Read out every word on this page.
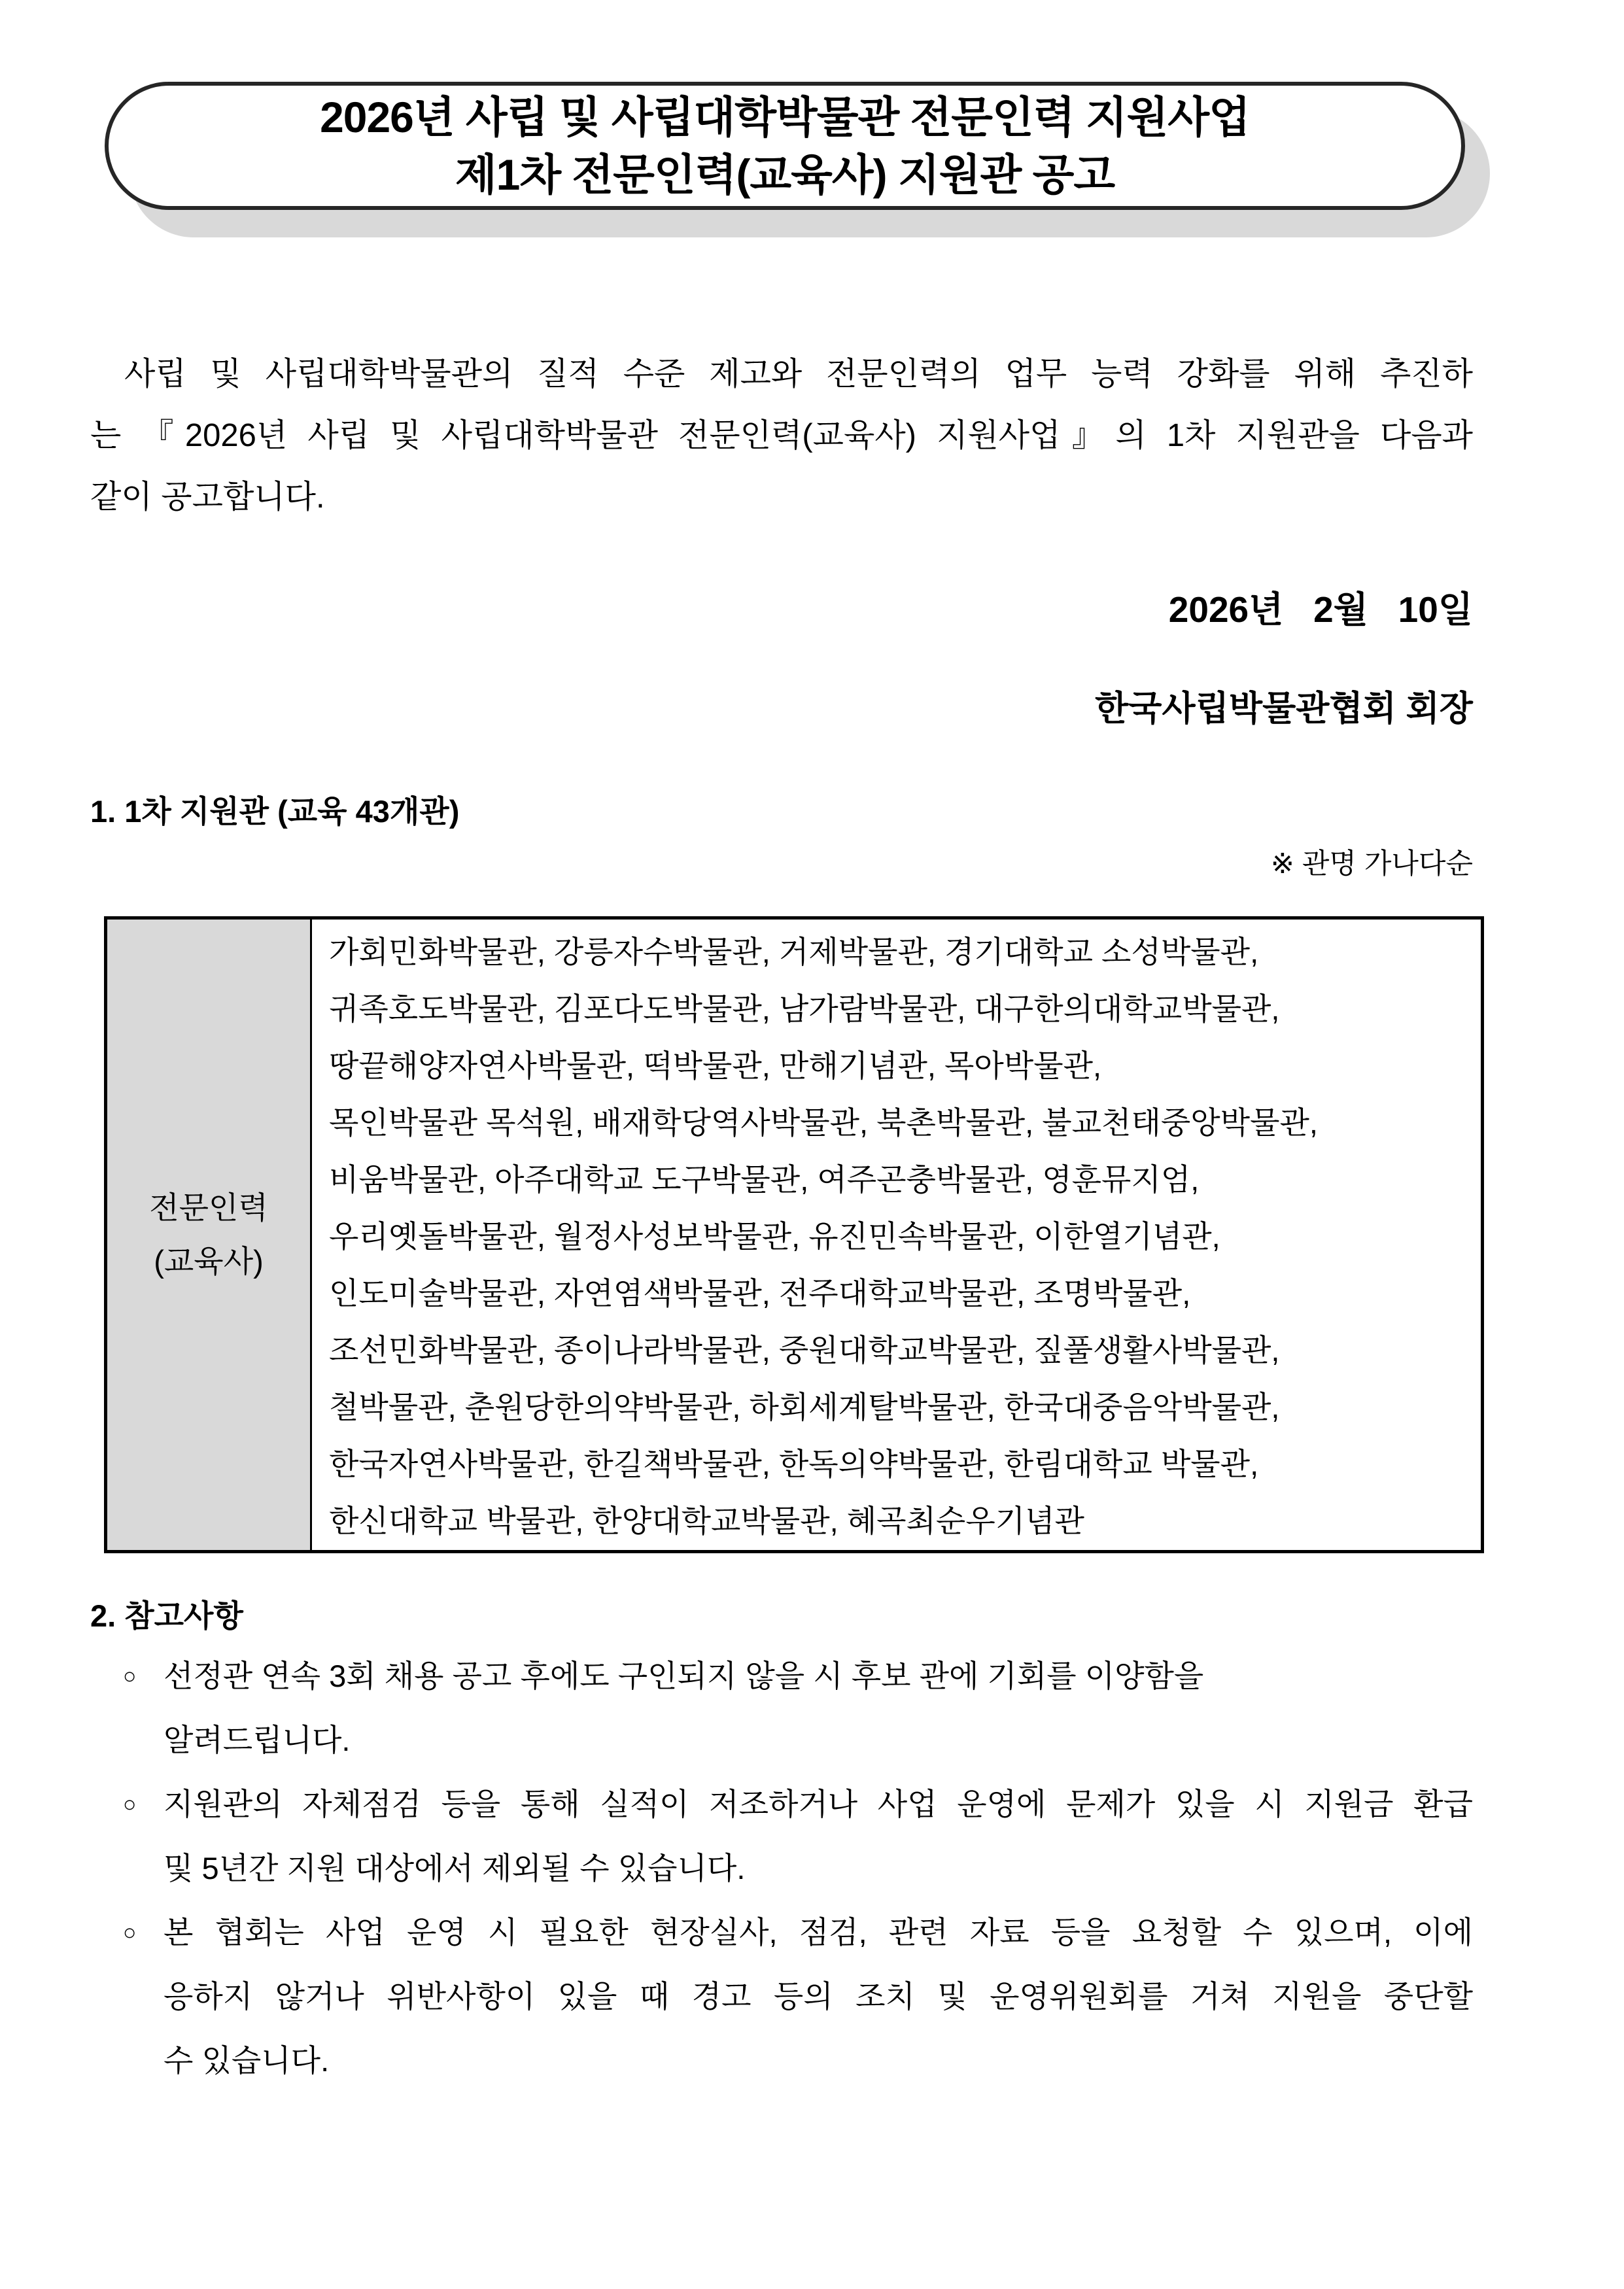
2026년 사립 및 사립대학박물관 전문인력 지원사업
제1차 전문인력(교육사) 지원관 공고
사립 및 사립대학박물관의 질적 수준 제고와 전문인력의 업무 능력 강화를 위해 추진하
는 『2026년 사립 및 사립대학박물관 전문인력(교육사) 지원사업』의 1차 지원관을 다음과
같이 공고합니다.
2026년   2월   10일
한국사립박물관협회 회장
1. 1차 지원관 (교육 43개관)
※ 관명 가나다순
전문인력
(교육사)
가회민화박물관, 강릉자수박물관, 거제박물관, 경기대학교 소성박물관,
귀족호도박물관, 김포다도박물관, 남가람박물관, 대구한의대학교박물관,
땅끝해양자연사박물관, 떡박물관, 만해기념관, 목아박물관,
목인박물관 목석원, 배재학당역사박물관, 북촌박물관, 불교천태중앙박물관,
비움박물관, 아주대학교 도구박물관, 여주곤충박물관, 영훈뮤지엄,
우리옛돌박물관, 월정사성보박물관, 유진민속박물관, 이한열기념관,
인도미술박물관, 자연염색박물관, 전주대학교박물관, 조명박물관,
조선민화박물관, 종이나라박물관, 중원대학교박물관, 짚풀생활사박물관,
철박물관, 춘원당한의약박물관, 하회세계탈박물관, 한국대중음악박물관,
한국자연사박물관, 한길책박물관, 한독의약박물관, 한림대학교 박물관,
한신대학교 박물관, 한양대학교박물관, 혜곡최순우기념관
2. 참고사항
○ 선정관 연속 3회 채용 공고 후에도 구인되지 않을 시 후보 관에 기회를 이양함을
알려드립니다.
○ 지원관의 자체점검 등을 통해 실적이 저조하거나 사업 운영에 문제가 있을 시 지원금 환급
및 5년간 지원 대상에서 제외될 수 있습니다.
○ 본 협회는 사업 운영 시 필요한 현장실사, 점검, 관련 자료 등을 요청할 수 있으며, 이에
응하지 않거나 위반사항이 있을 때 경고 등의 조치 및 운영위원회를 거쳐 지원을 중단할
수 있습니다.
